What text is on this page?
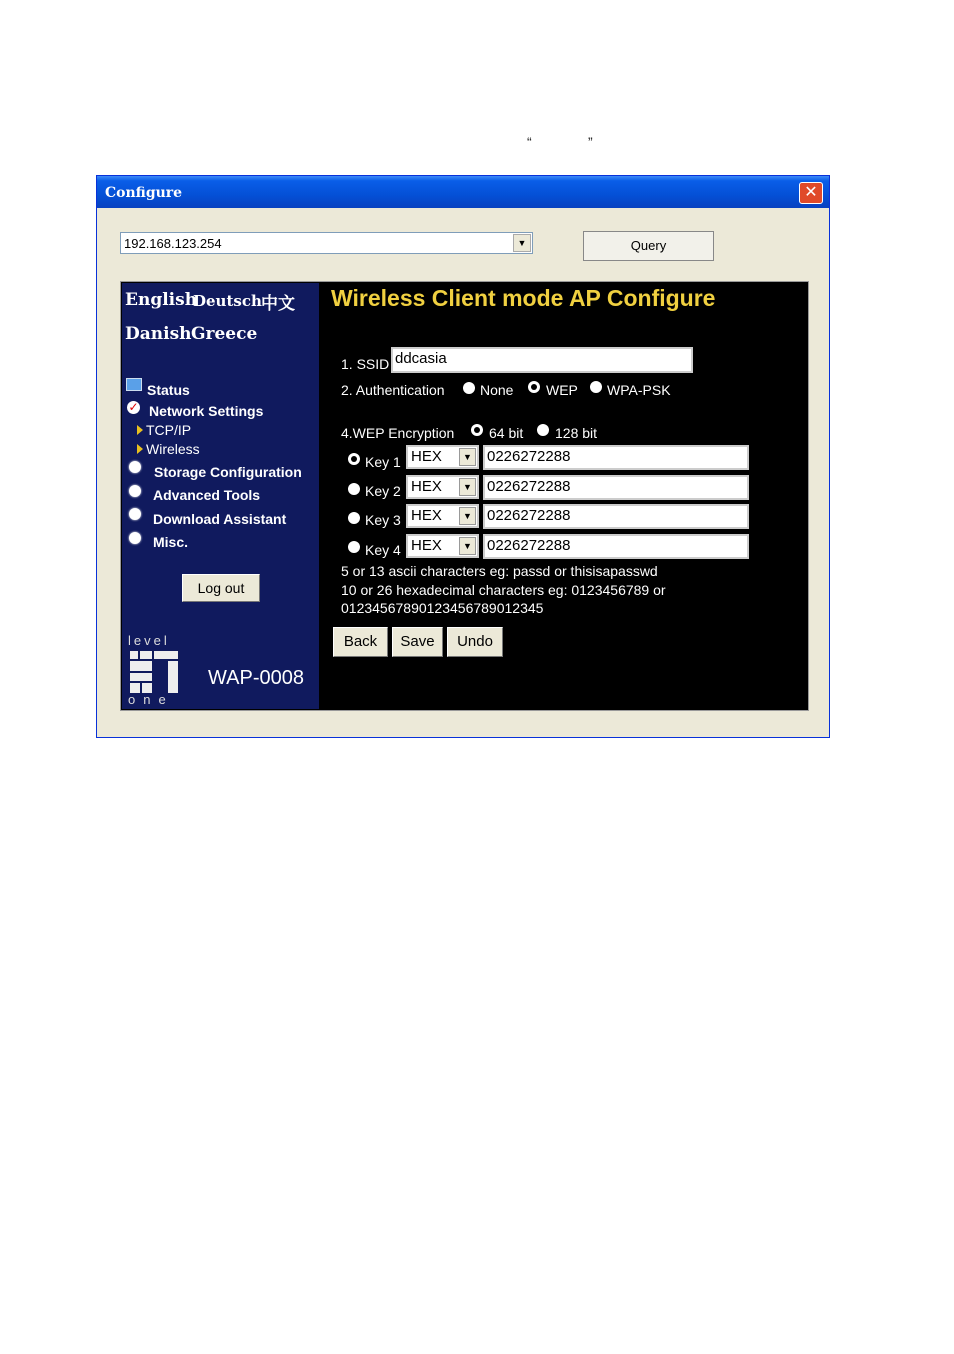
“	”
Configure	✕
192.168.123.254	▼	Query
English
Deutsch 中文
Danish Greece
Status
✓ Network Settings
TCP/IP
Wireless
Storage Configuration
Advanced Tools
Download Assistant
Misc.
Log out
level
one
WAP-0008
Wireless Client mode AP Configure
1. SSID ddcasia
2. Authentication	None WEP WPA-PSK
4.WEP Encryption 64 bit 128 bit
Key 1 HEX	▼ 0226272288
Key 2 HEX	▼ 0226272288
Key 3 HEX	▼ 0226272288
Key 4 HEX	▼ 0226272288
5 or 13 ascii characters eg: passd or thisisapasswd
10 or 26 hexadecimal characters eg: 0123456789 or
01234567890123456789012345
Back	Save	Undo
